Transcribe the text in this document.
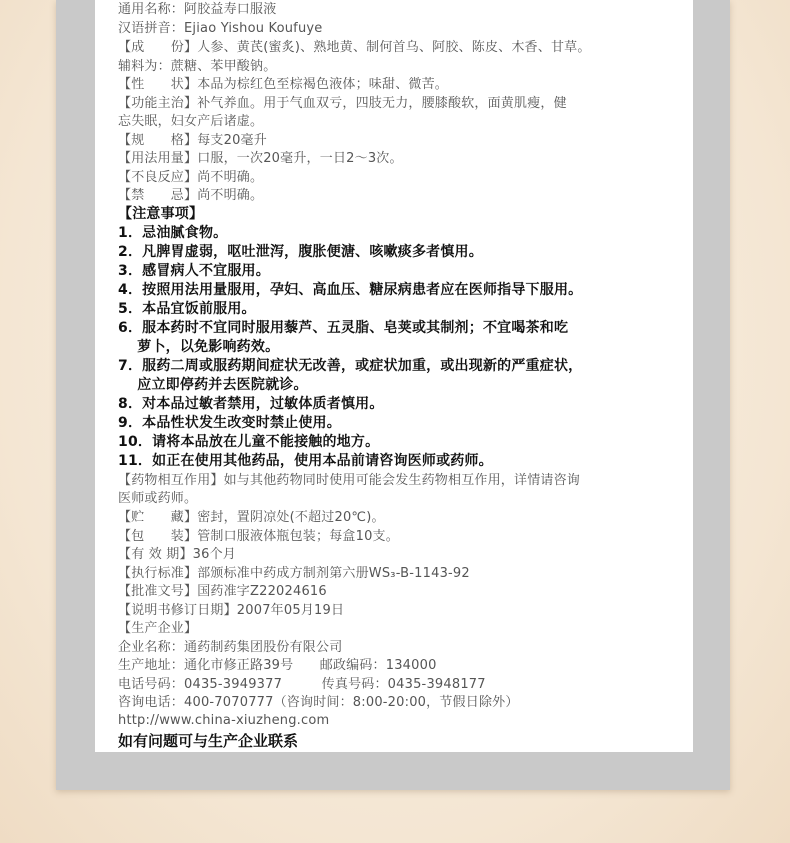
通用名称：阿胶益寿口服液
汉语拼音：Ejiao Yishou Koufuye
【成　　份】人参、黄芪(蜜炙)、熟地黄、制何首乌、阿胶、陈皮、木香、甘草。
辅料为：蔗糖、苯甲酸钠。
【性　　状】本品为棕红色至棕褐色液体；味甜、微苦。
【功能主治】补气养血。用于气血双亏，四肢无力，腰膝酸软，面黄肌瘦，健
忘失眠，妇女产后诸虚。
【规　　格】每支20毫升
【用法用量】口服，一次20毫升，一日2～3次。
【不良反应】尚不明确。
【禁　　忌】尚不明确。
【注意事项】
1．忌油腻食物。
2．凡脾胃虚弱，呕吐泄泻，腹胀便溏、咳嗽痰多者慎用。
3．感冒病人不宜服用。
4．按照用法用量服用，孕妇、高血压、糖尿病患者应在医师指导下服用。
5．本品宜饭前服用。
6．服本药时不宜同时服用藜芦、五灵脂、皂荚或其制剂；不宜喝茶和吃
　 萝卜，以免影响药效。
7．服药二周或服药期间症状无改善，或症状加重，或出现新的严重症状，
　 应立即停药并去医院就诊。
8．对本品过敏者禁用，过敏体质者慎用。
9．本品性状发生改变时禁止使用。
10．请将本品放在儿童不能接触的地方。
11．如正在使用其他药品，使用本品前请咨询医师或药师。
【药物相互作用】如与其他药物同时使用可能会发生药物相互作用，详情请咨询
医师或药师。
【贮　　藏】密封，置阴凉处(不超过20℃)。
【包　　装】管制口服液体瓶包装；每盒10支。
【有 效 期】36个月
【执行标准】部颁标准中药成方制剂第六册WS₃-B-1143-92
【批准文号】国药准字Z22024616
【说明书修订日期】2007年05月19日
【生产企业】
企业名称：通药制药集团股份有限公司
生产地址：通化市修正路39号　　邮政编码：134000
电话号码：0435-3949377　　　传真号码：0435-3948177
咨询电话：400-7070777（咨询时间：8:00-20:00，节假日除外）
http://www.china-xiuzheng.com
如有问题可与生产企业联系
